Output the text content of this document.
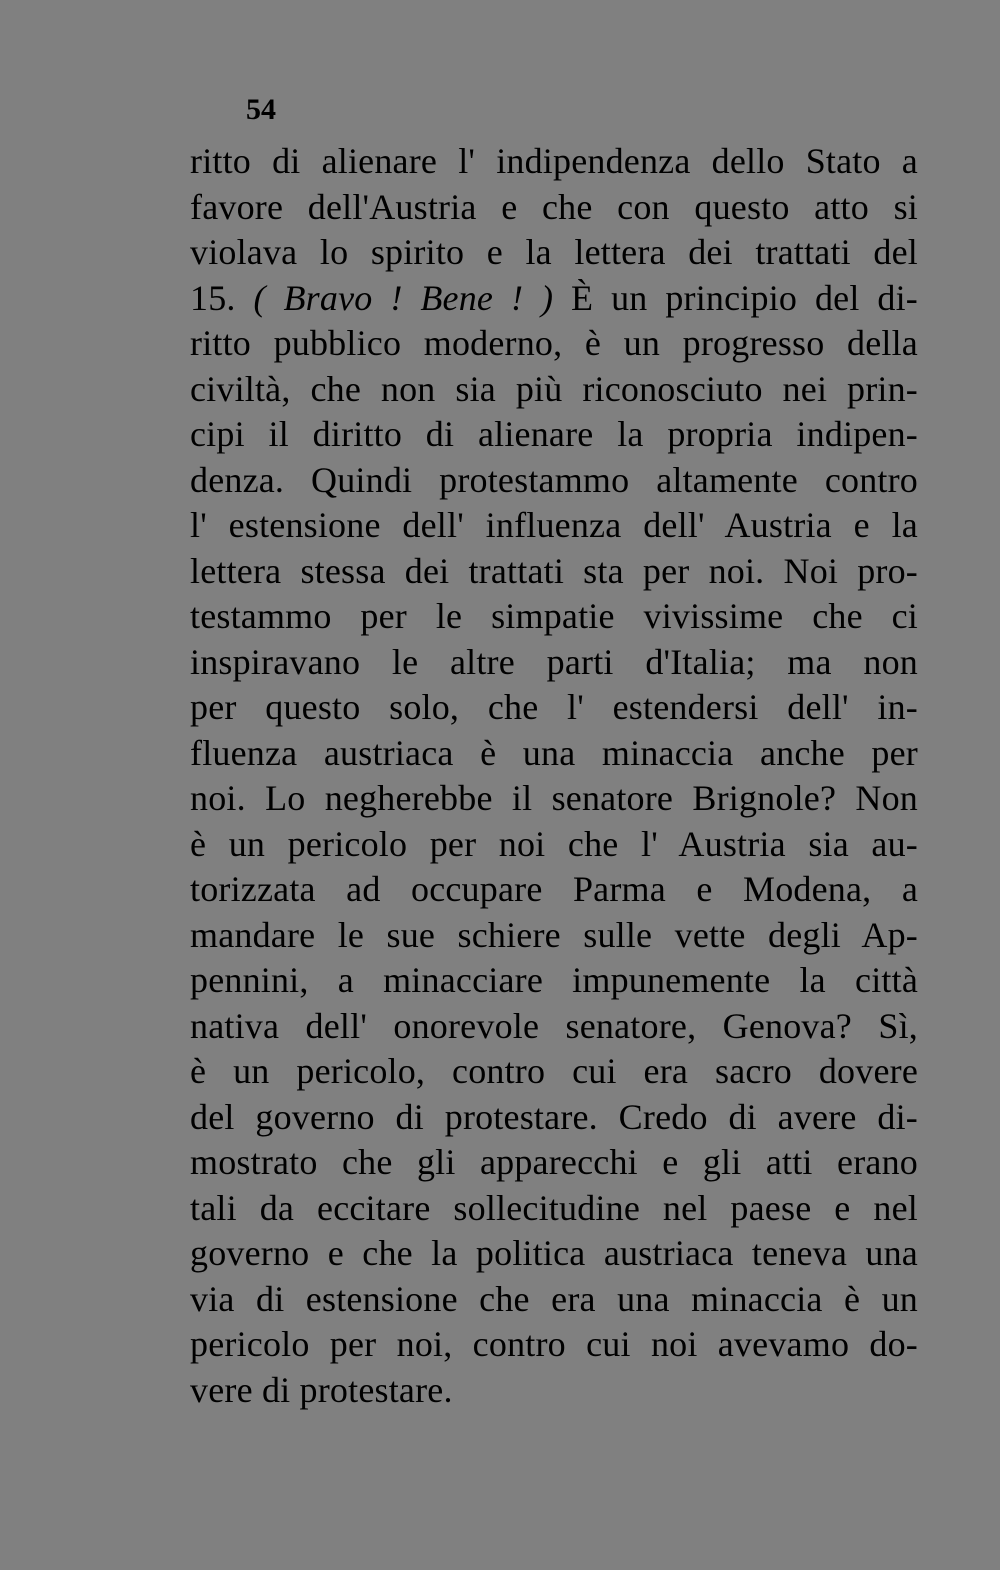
54
ritto di alienare l' indipendenza dello Stato a
favore dell'Austria e che con questo atto si
violava lo spirito e la lettera dei trattati del
15. ( Bravo ! Bene ! ) È un principio del di-
ritto pubblico moderno, è un progresso della
civiltà, che non sia più riconosciuto nei prin-
cipi il diritto di alienare la propria indipen-
denza. Quindi protestammo altamente contro
l' estensione dell' influenza dell' Austria e la
lettera stessa dei trattati sta per noi. Noi pro-
testammo per le simpatie vivissime che ci
inspiravano le altre parti d'Italia; ma non
per questo solo, che l' estendersi dell' in-
fluenza austriaca è una minaccia anche per
noi. Lo negherebbe il senatore Brignole? Non
è un pericolo per noi che l' Austria sia au-
torizzata ad occupare Parma e Modena, a
mandare le sue schiere sulle vette degli Ap-
pennini, a minacciare impunemente la città
nativa dell' onorevole senatore, Genova? Sì,
è un pericolo, contro cui era sacro dovere
del governo di protestare. Credo di avere di-
mostrato che gli apparecchi e gli atti erano
tali da eccitare sollecitudine nel paese e nel
governo e che la politica austriaca teneva una
via di estensione che era una minaccia è un
pericolo per noi, contro cui noi avevamo do-
vere di protestare.
